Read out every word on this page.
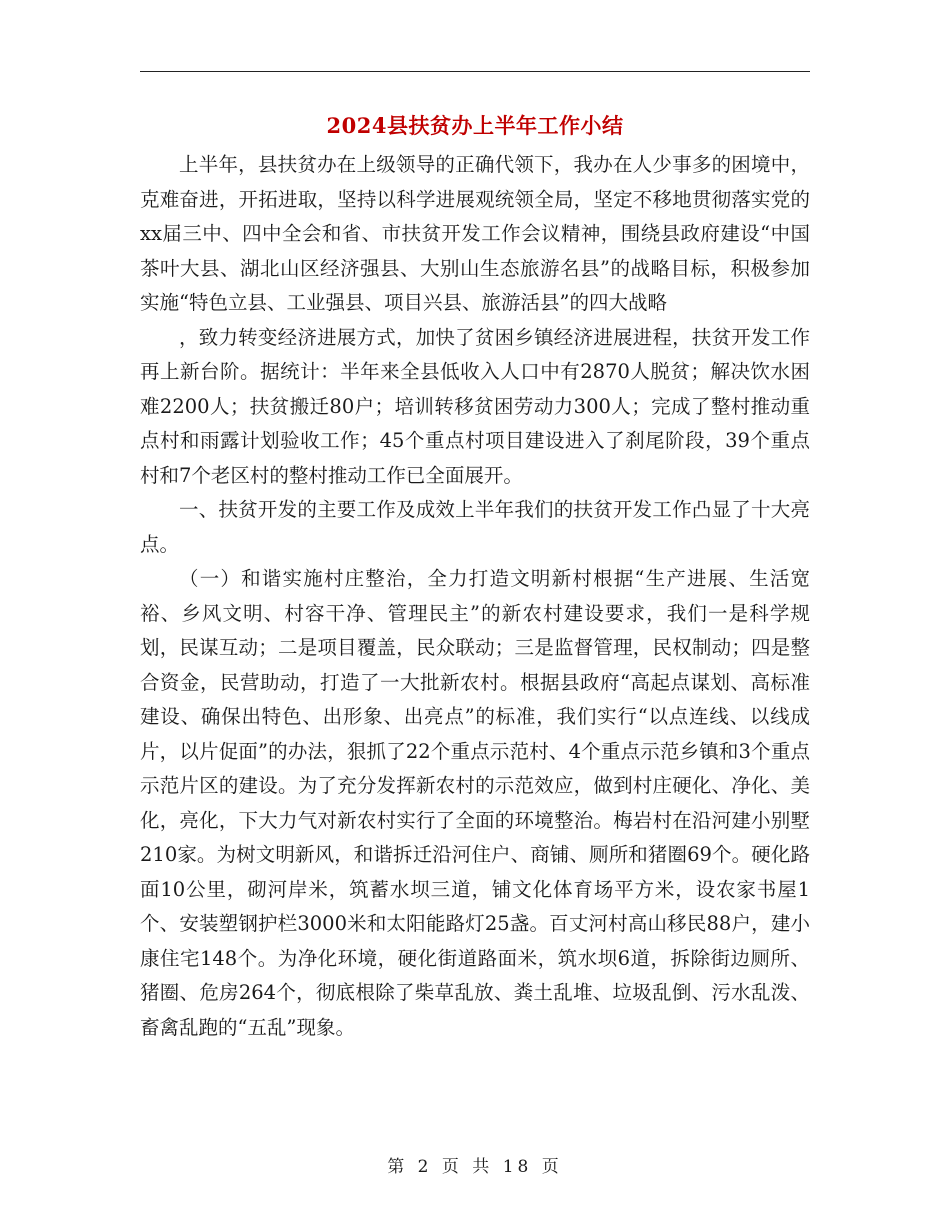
2024县扶贫办上半年工作小结

上半年，县扶贫办在上级领导的正确代领下，我办在人少事多的困境中，克难奋进，开拓进取，坚持以科学进展观统领全局，坚定不移地贯彻落实党的xx届三中、四中全会和省、市扶贫开发工作会议精神，围绕县政府建设“中国茶叶大县、湖北山区经济强县、大别山生态旅游名县”的战略目标，积极参加实施“特色立县、工业强县、项目兴县、旅游活县”的四大战略

，致力转变经济进展方式，加快了贫困乡镇经济进展进程，扶贫开发工作再上新台阶。据统计：半年来全县低收入人口中有2870人脱贫；解决饮水困难2200人；扶贫搬迁80户；培训转移贫困劳动力300人；完成了整村推动重点村和雨露计划验收工作；45个重点村项目建设进入了刹尾阶段，39个重点村和7个老区村的整村推动工作已全面展开。

一、扶贫开发的主要工作及成效上半年我们的扶贫开发工作凸显了十大亮点。

（一）和谐实施村庄整治，全力打造文明新村根据“生产进展、生活宽裕、乡风文明、村容干净、管理民主”的新农村建设要求，我们一是科学规划，民谋互动；二是项目覆盖，民众联动；三是监督管理，民权制动；四是整合资金，民营助动，打造了一大批新农村。根据县政府“高起点谋划、高标准建设、确保出特色、出形象、出亮点”的标准，我们实行“以点连线、以线成片，以片促面”的办法，狠抓了22个重点示范村、4个重点示范乡镇和3个重点示范片区的建设。为了充分发挥新农村的示范效应，做到村庄硬化、净化、美化，亮化，下大力气对新农村实行了全面的环境整治。梅岩村在沿河建小别墅210家。为树文明新风，和谐拆迁沿河住户、商铺、厕所和猪圈69个。硬化路面10公里，砌河岸米，筑蓄水坝三道，铺文化体育场平方米，设农家书屋1个、安装塑钢护栏3000米和太阳能路灯25盏。百丈河村高山移民88户，建小康住宅148个。为净化环境，硬化街道路面米，筑水坝6道，拆除街边厕所、猪圈、危房264个，彻底根除了柴草乱放、粪土乱堆、垃圾乱倒、污水乱泼、畜禽乱跑的“五乱”现象。

第 2 页 共 18 页
